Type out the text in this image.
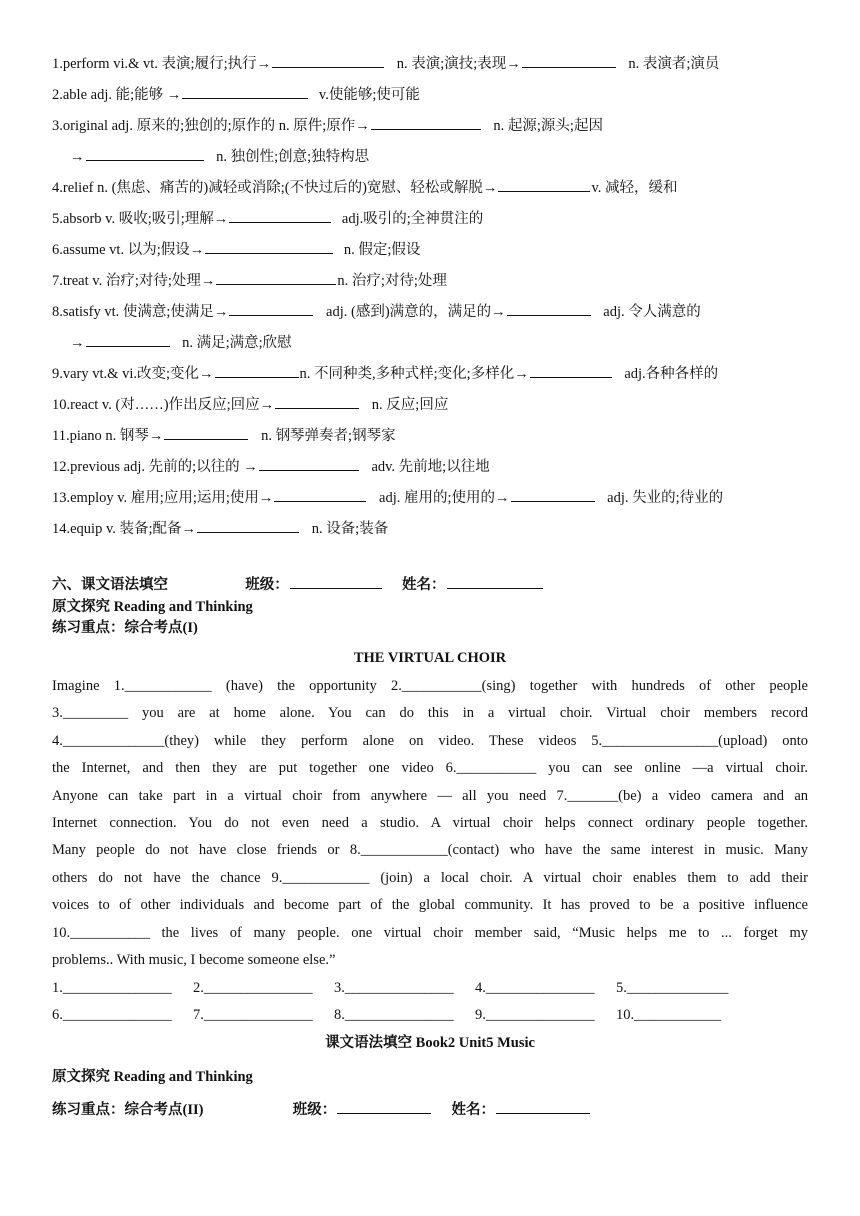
1.perform vi.& vt. 表演;履行;执行→	n. 表演;演技;表现→	n. 表演者;演员
2.able adj. 能;能够 →	v.使能够;使可能
3.original adj. 原来的;独创的;原作的 n. 原件;原作→	n. 起源;源头;起因
→	n. 独创性;创意;独特构思
4.relief n. (焦虑、痛苦的)减轻或消除;(不快过后的)宽慰、轻松或解脱→	v. 减轻，缓和
5.absorb v. 吸收;吸引;理解→	adj.吸引的;全神贯注的
6.assume vt. 以为;假设→	n. 假定;假设
7.treat v. 治疗;对待;处理→	n. 治疗;对待;处理
8.satisfy vt. 使满意;使满足→	adj. (感到)满意的，满足的→	adj. 令人满意的
→	n. 满足;满意;欣慰
9.vary vt.& vi.改变;变化→	n. 不同种类,多种式样;变化;多样化→	adj.各种各样的
10.react v. (对……)作出反应;回应→	n. 反应;回应
11.piano n. 钢琴→	n. 钢琴弹奏者;钢琴家
12.previous adj. 先前的;以往的 →	adv. 先前地;以往地
13.employ v. 雇用;应用;运用;使用→	adj. 雇用的;使用的→	adj. 失业的;待业的
14.equip v. 装备;配备→	n. 设备;装备
六、课文语法填空	班级：	姓名：
原文探究 Reading and Thinking
练习重点：综合考点(I)
THE VIRTUAL CHOIR
Imagine 1.____________ (have) the opportunity 2.___________(sing) together with hundreds of other people
3._________ you are at home alone. You can do this in a virtual choir. Virtual choir members record
4.______________(they) while they perform alone on video. These videos 5.________________(upload) onto
the Internet, and then they are put together one video 6.___________ you can see online —a virtual choir.
Anyone can take part in a virtual choir from anywhere — all you need 7._______(be) a video camera and an
Internet connection. You do not even need a studio. A virtual choir helps connect ordinary people together.
Many people do not have close friends or 8.____________(contact) who have the same interest in music. Many
others do not have the chance 9.____________ (join) a local choir. A virtual choir enables them to add their
voices to of other individuals and become part of the global community. It has proved to be a positive influence
10.___________ the lives of many people. one virtual choir member said, “Music helps me to ... forget my
problems.. With music, I become someone else.”
1._______________ 2._______________ 3._______________ 4._______________ 5.______________
6._______________ 7._______________ 8._______________ 9._______________ 10.____________
课文语法填空 Book2 Unit5 Music
原文探究 Reading and Thinking
练习重点：综合考点(II)	班级：	姓名：
